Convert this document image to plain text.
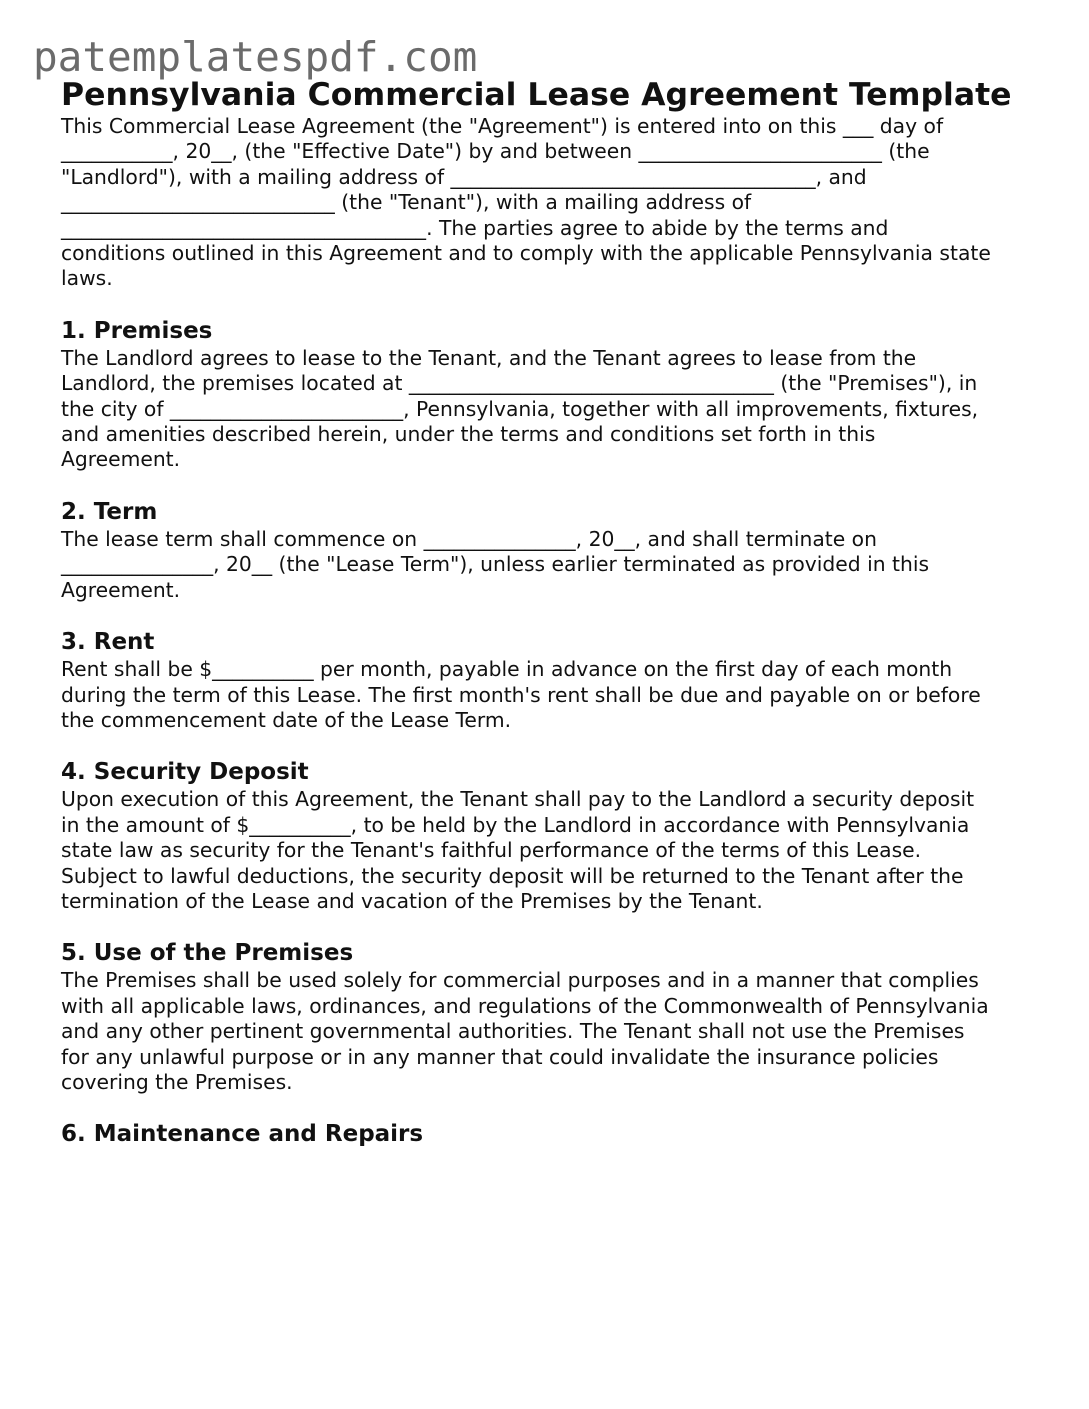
patemplatespdf.com
Pennsylvania Commercial Lease Agreement Template

This Commercial Lease Agreement (the "Agreement") is entered into on this ___ day of
___________, 20__, (the "Effective Date") by and between ________________________ (the
"Landlord"), with a mailing address of ____________________________________, and
___________________________ (the "Tenant"), with a mailing address of
____________________________________. The parties agree to abide by the terms and
conditions outlined in this Agreement and to comply with the applicable Pennsylvania state
laws.

1. Premises

The Landlord agrees to lease to the Tenant, and the Tenant agrees to lease from the
Landlord, the premises located at ____________________________________ (the "Premises"), in
the city of _______________________, Pennsylvania, together with all improvements, fixtures,
and amenities described herein, under the terms and conditions set forth in this
Agreement.

2. Term

The lease term shall commence on _______________, 20__, and shall terminate on
_______________, 20__ (the "Lease Term"), unless earlier terminated as provided in this
Agreement.

3. Rent

Rent shall be $__________ per month, payable in advance on the first day of each month
during the term of this Lease. The first month's rent shall be due and payable on or before
the commencement date of the Lease Term.

4. Security Deposit

Upon execution of this Agreement, the Tenant shall pay to the Landlord a security deposit
in the amount of $__________, to be held by the Landlord in accordance with Pennsylvania
state law as security for the Tenant's faithful performance of the terms of this Lease.
Subject to lawful deductions, the security deposit will be returned to the Tenant after the
termination of the Lease and vacation of the Premises by the Tenant.

5. Use of the Premises

The Premises shall be used solely for commercial purposes and in a manner that complies
with all applicable laws, ordinances, and regulations of the Commonwealth of Pennsylvania
and any other pertinent governmental authorities. The Tenant shall not use the Premises
for any unlawful purpose or in any manner that could invalidate the insurance policies
covering the Premises.

6. Maintenance and Repairs
